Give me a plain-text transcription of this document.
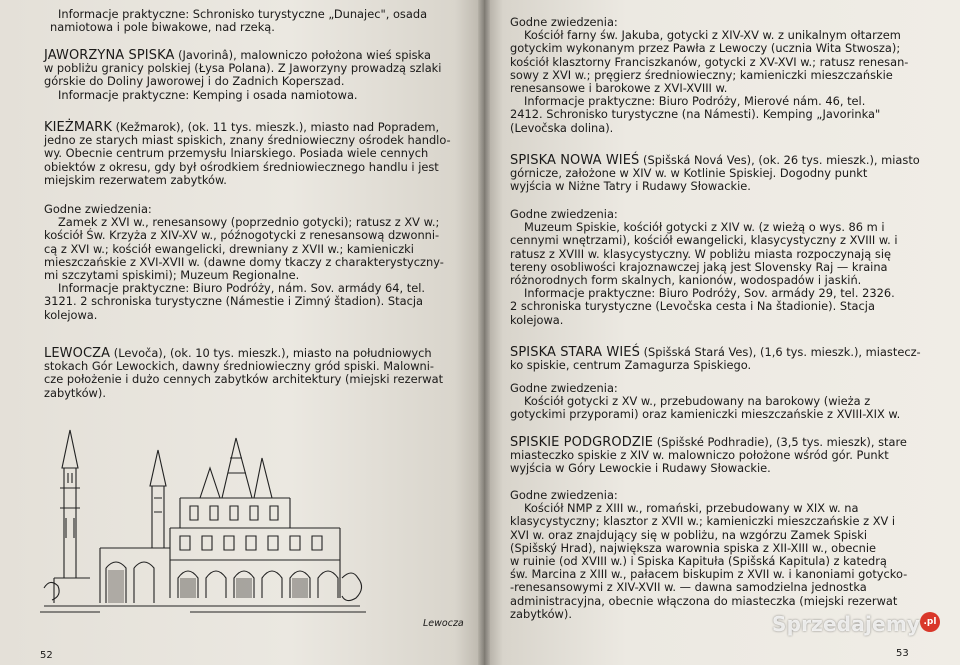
Informacje praktyczne: Schronisko turystyczne „Dunajec", osada
namiotowa i pole biwakowe, nad rzeką.
JAWORZYNA SPISKA (Javorinâ), malowniczo położona wieś spiska
w pobliżu granicy polskiej (Łysa Polana). Z Jaworzyny prowadzą szlaki
górskie do Doliny Jaworowej i do Zadnich Koperszad.
Informacje praktyczne: Kemping i osada namiotowa.
KIEŻMARK (Kežmarok), (ok. 11 tys. mieszk.), miasto nad Popradem,
jedno ze starych miast spiskich, znany średniowieczny ośrodek handlo-
wy. Obecnie centrum przemysłu lniarskiego. Posiada wiele cennych
obiektów z okresu, gdy był ośrodkiem średniowiecznego handlu i jest
miejskim rezerwatem zabytków.
Godne zwiedzenia:
Zamek z XVI w., renesansowy (poprzednio gotycki); ratusz z XV w.;
kościół Św. Krzyża z XIV-XV w., późnogotycki z renesansową dzwonni-
cą z XVI w.; kościół ewangelicki, drewniany z XVII w.; kamieniczki
mieszczańskie z XVI-XVII w. (dawne domy tkaczy z charakterystyczny-
mi szczytami spiskimi); Muzeum Regionalne.
Informacje praktyczne: Biuro Podróży, nám. Sov. armády 64, tel.
3121. 2 schroniska turystyczne (Námestie i Zimný štadion). Stacja
kolejowa.
LEWOCZA (Levoča), (ok. 10 tys. mieszk.), miasto na południowych
stokach Gór Lewockich, dawny średniowieczny gród spiski. Malowni-
cze położenie i dużo cennych zabytków architektury (miejski rezerwat
zabytków).
Lewocza
52
Godne zwiedzenia:
Kościół farny św. Jakuba, gotycki z XIV-XV w. z unikalnym ołtarzem
gotyckim wykonanym przez Pawła z Lewoczy (ucznia Wita Stwosza);
kościół klasztorny Franciszkanów, gotycki z XV-XVI w.; ratusz renesan-
sowy z XVI w.; pręgierz średniowieczny; kamieniczki mieszczańskie
renesansowe i barokowe z XVI-XVIII w.
Informacje praktyczne: Biuro Podróży, Mierové nám. 46, tel.
2412. Schronisko turystyczne (na Námesti). Kemping „Javorinka"
(Levočska dolina).
SPISKA NOWA WIEŚ (Spišská Nová Ves), (ok. 26 tys. mieszk.), miasto
górnicze, założone w XIV w. w Kotlinie Spiskiej. Dogodny punkt
wyjścia w Niżne Tatry i Rudawy Słowackie.
Godne zwiedzenia:
Muzeum Spiskie, kościół gotycki z XIV w. (z wieżą o wys. 86 m i
cennymi wnętrzami), kościół ewangelicki, klasycystyczny z XVIII w. i
ratusz z XVIII w. klasycystyczny. W pobliżu miasta rozpoczynają się
tereny osobliwości krajoznawczej jaką jest Slovensky Raj — kraina
różnorodnych form skalnych, kanionów, wodospadów i jaskiń.
Informacje praktyczne: Biuro Podróży, Sov. armády 29, tel. 2326.
2 schroniska turystyczne (Levočska cesta i Na štadionie). Stacja
kolejowa.
SPISKA STARA WIEŚ (Spišská Stará Ves), (1,6 tys. mieszk.), miastecz-
ko spiskie, centrum Zamagurza Spiskiego.
Godne zwiedzenia:
Kościół gotycki z XV w., przebudowany na barokowy (wieża z
gotyckimi przyporami) oraz kamieniczki mieszczańskie z XVIII-XIX w.
SPISKIE PODGRODZIE (Spišské Podhradie), (3,5 tys. mieszk), stare
miasteczko spiskie z XIV w. malowniczo położone wśród gór. Punkt
wyjścia w Góry Lewockie i Rudawy Słowackie.
Godne zwiedzenia:
Kościół NMP z XIII w., romański, przebudowany w XIX w. na
klasycystyczny; klasztor z XVII w.; kamieniczki mieszczańskie z XV i
XVI w. oraz znajdujący się w pobliżu, na wzgórzu Zamek Spiski
(Spišský Hrad), największa warownia spiska z XII-XIII w., obecnie
w ruinie (od XVIII w.) i Spiska Kapituła (Spišská Kapitula) z katedrą
św. Marcina z XIII w., pałacem biskupim z XVII w. i kanoniami gotycko-
-renesansowymi z XIV-XVII w. — dawna samodzielna jednostka
administracyjna, obecnie włączona do miasteczka (miejski rezerwat
zabytków).
53
Sprzedajemy .pl
